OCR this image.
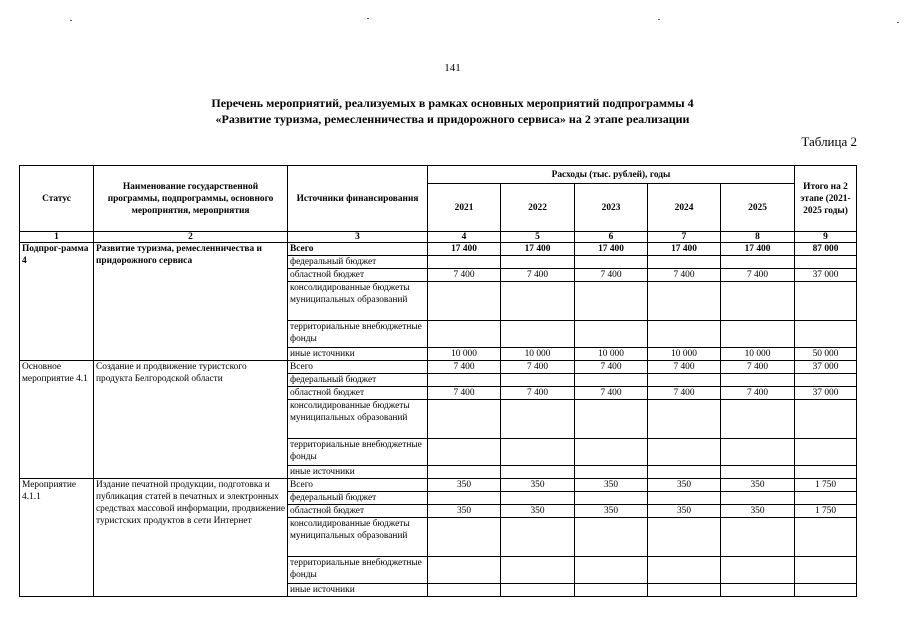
141
Перечень мероприятий, реализуемых в рамках основных мероприятий подпрограммы 4
«Развитие туризма, ремесленничества и придорожного сервиса» на 2 этапе реализации
Таблица 2
Статус	Наименование государственной программы, подпрограммы, основного мероприятия, мероприятия	Источники финансирования	Расходы (тыс. рублей), годы					Итого на 2 этапе (2021-2025 годы)
			2021	2022	2023	2024	2025	
1	2	3	4	5	6	7	8	9
Подпрог-рамма 4	Развитие туризма, ремесленничества и придорожного сервиса	Всего	17 400	17 400	17 400	17 400	17 400	87 000
		федеральный бюджет						
		областной бюджет	7 400	7 400	7 400	7 400	7 400	37 000
		консолидированные бюджеты муниципальных образований						
		территориальные внебюджетные фонды						
		иные источники	10 000	10 000	10 000	10 000	10 000	50 000
Основное мероприятие 4.1	Создание и продвижение туристского продукта Белгородской области	Всего	7 400	7 400	7 400	7 400	7 400	37 000
		федеральный бюджет						
		областной бюджет	7 400	7 400	7 400	7 400	7 400	37 000
		консолидированные бюджеты муниципальных образований						
		территориальные внебюджетные фонды						
		иные источники						
Мероприятие 4.1.1	Издание печатной продукции, подготовка и публикация статей в печатных и электронных средствах массовой информации, продвижение туристских продуктов в сети Интернет	Всего	350	350	350	350	350	1 750
		федеральный бюджет						
		областной бюджет	350	350	350	350	350	1 750
		консолидированные бюджеты муниципальных образований						
		территориальные внебюджетные фонды						
		иные источники						
